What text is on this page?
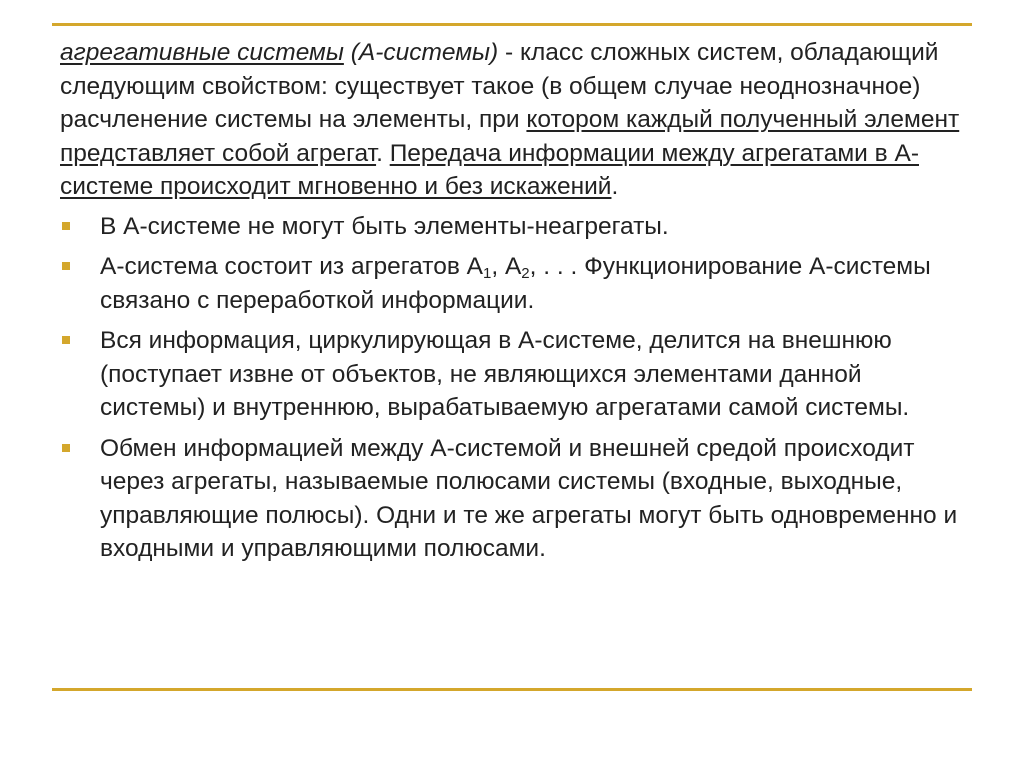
агрегативные системы (А-системы) - класс сложных систем, обладающий следующим свойством: существует такое (в общем случае неоднозначное) расчленение системы на элементы, при котором каждый полученный элемент представляет собой агрегат. Передача информации между агрегатами в А-системе происходит мгновенно и без искажений.

В А-системе не могут быть элементы-неагрегаты.
А-система состоит из агрегатов $А_1$, $А_2$, . . . Функционирование А-системы связано с переработкой информации.
Вся информация, циркулирующая в А-системе, делится на внешнюю (поступает извне от объектов, не являющихся элементами данной системы) и внутреннюю, вырабатываемую агрегатами самой системы.
Обмен информацией между А-системой и внешней средой происходит через агрегаты, называемые полюсами системы (входные, выходные, управляющие полюсы). Одни и те же агрегаты могут быть одновременно и входными и управляющими полюсами.
